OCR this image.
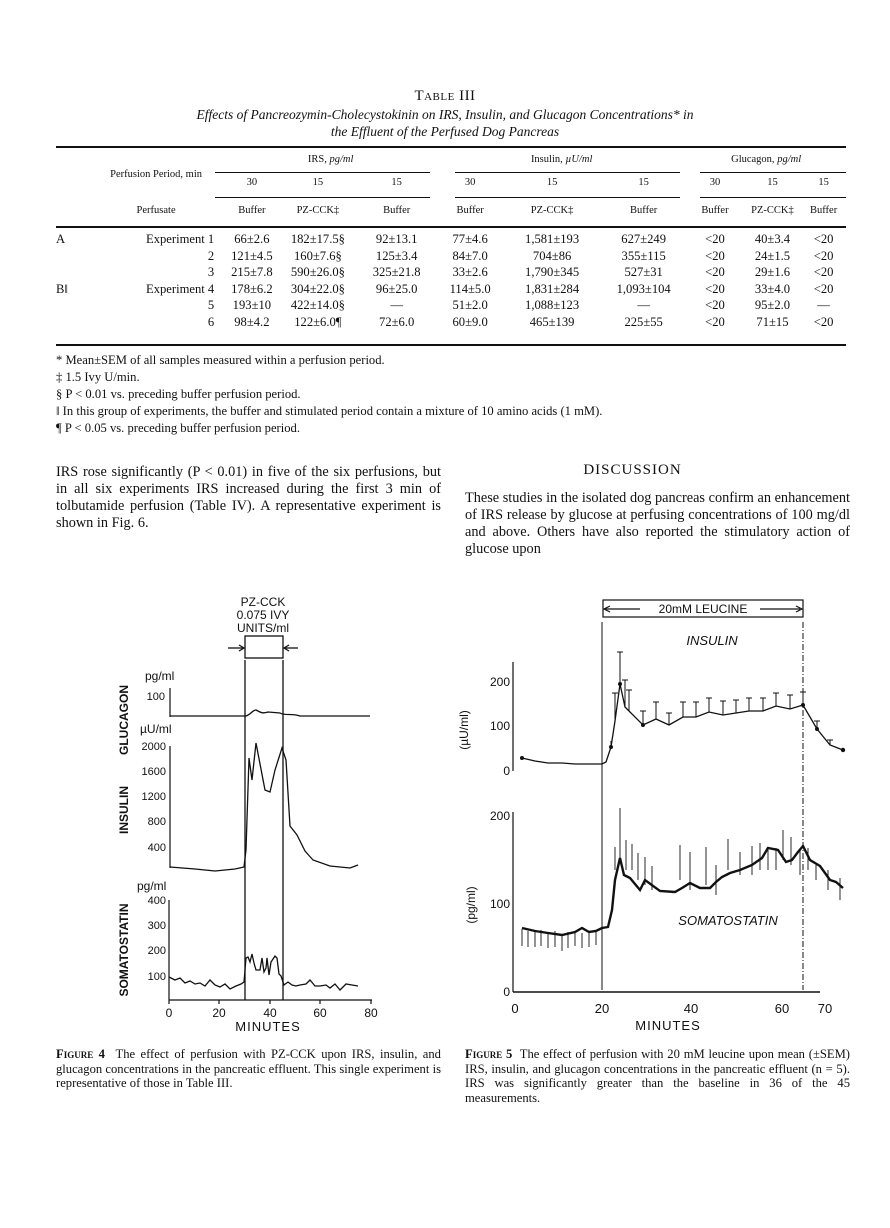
Table III
Effects of Pancreozymin-Cholecystokinin on IRS, Insulin, and Glucagon Concentrations* in
the Effluent of the Perfused Dog Pancreas
		IRS, pg/ml			Insulin, µU/ml			Glucagon, pg/ml		
	Perfusion Period, min	30	15	15	30	15	15	30	15	15
	Perfusate	Buffer	PZ-CCK‡	Buffer	Buffer	PZ-CCK‡	Buffer	Buffer	PZ-CCK‡	Buffer

A	Experiment 1	66±2.6	182±17.5§	92±13.1	77±4.6	1,581±193	627±249	<20	40±3.4	<20
	2	121±4.5	160±7.6§	125±3.4	84±7.0	704±86	355±115	<20	24±1.5	<20
	3	215±7.8	590±26.0§	325±21.8	33±2.6	1,790±345	527±31	<20	29±1.6	<20
B‖	Experiment 4	178±6.2	304±22.0§	96±25.0	114±5.0	1,831±284	1,093±104	<20	33±4.0	<20
	5	193±10	422±14.0§	—	51±2.0	1,088±123	—	<20	95±2.0	—
	6	98±4.2	122±6.0¶	72±6.0	60±9.0	465±139	225±55	<20	71±15	<20
* Mean±SEM of all samples measured within a perfusion period.
‡ 1.5 Ivy U/min.
§ P < 0.01 vs. preceding buffer perfusion period.
‖ In this group of experiments, the buffer and stimulated period contain a mixture of 10 amino acids (1 mM).
¶ P < 0.05 vs. preceding buffer perfusion period.
IRS rose significantly (P < 0.01) in five of the six perfusions, but in all six experiments IRS increased during the first 3 min of tolbutamide perfusion (Table IV). A representative experiment is shown in Fig. 6.
DISCUSSION
These studies in the isolated dog pancreas confirm an enhancement of IRS release by glucose at perfusing concentrations of 100 mg/dl and above. Others have also reported the stimulatory action of glucose upon
PZ-CCK
0.075 IVY
UNITS/ml
GLUCAGON
pg/ml
100
INSULIN
µU/ml
2000
1600
1200
800
400
SOMATOSTATIN
pg/ml
400
300
200
100
0	20	40	60	80
MINUTES
20mM LEUCINE
INSULIN
(µU/ml)
200
100
0
(pg/ml)
200
100
0
SOMATOSTATIN
0	20	40	60 70
MINUTES
Figure 4 The effect of perfusion with PZ-CCK upon IRS, insulin, and glucagon concentrations in the pancreatic effluent. This single experiment is representative of those in Table III.
Figure 5 The effect of perfusion with 20 mM leucine upon mean (±SEM) IRS, insulin, and glucagon concentrations in the pancreatic effluent (n = 5). IRS was significantly greater than the baseline in 36 of the 45 measurements.
